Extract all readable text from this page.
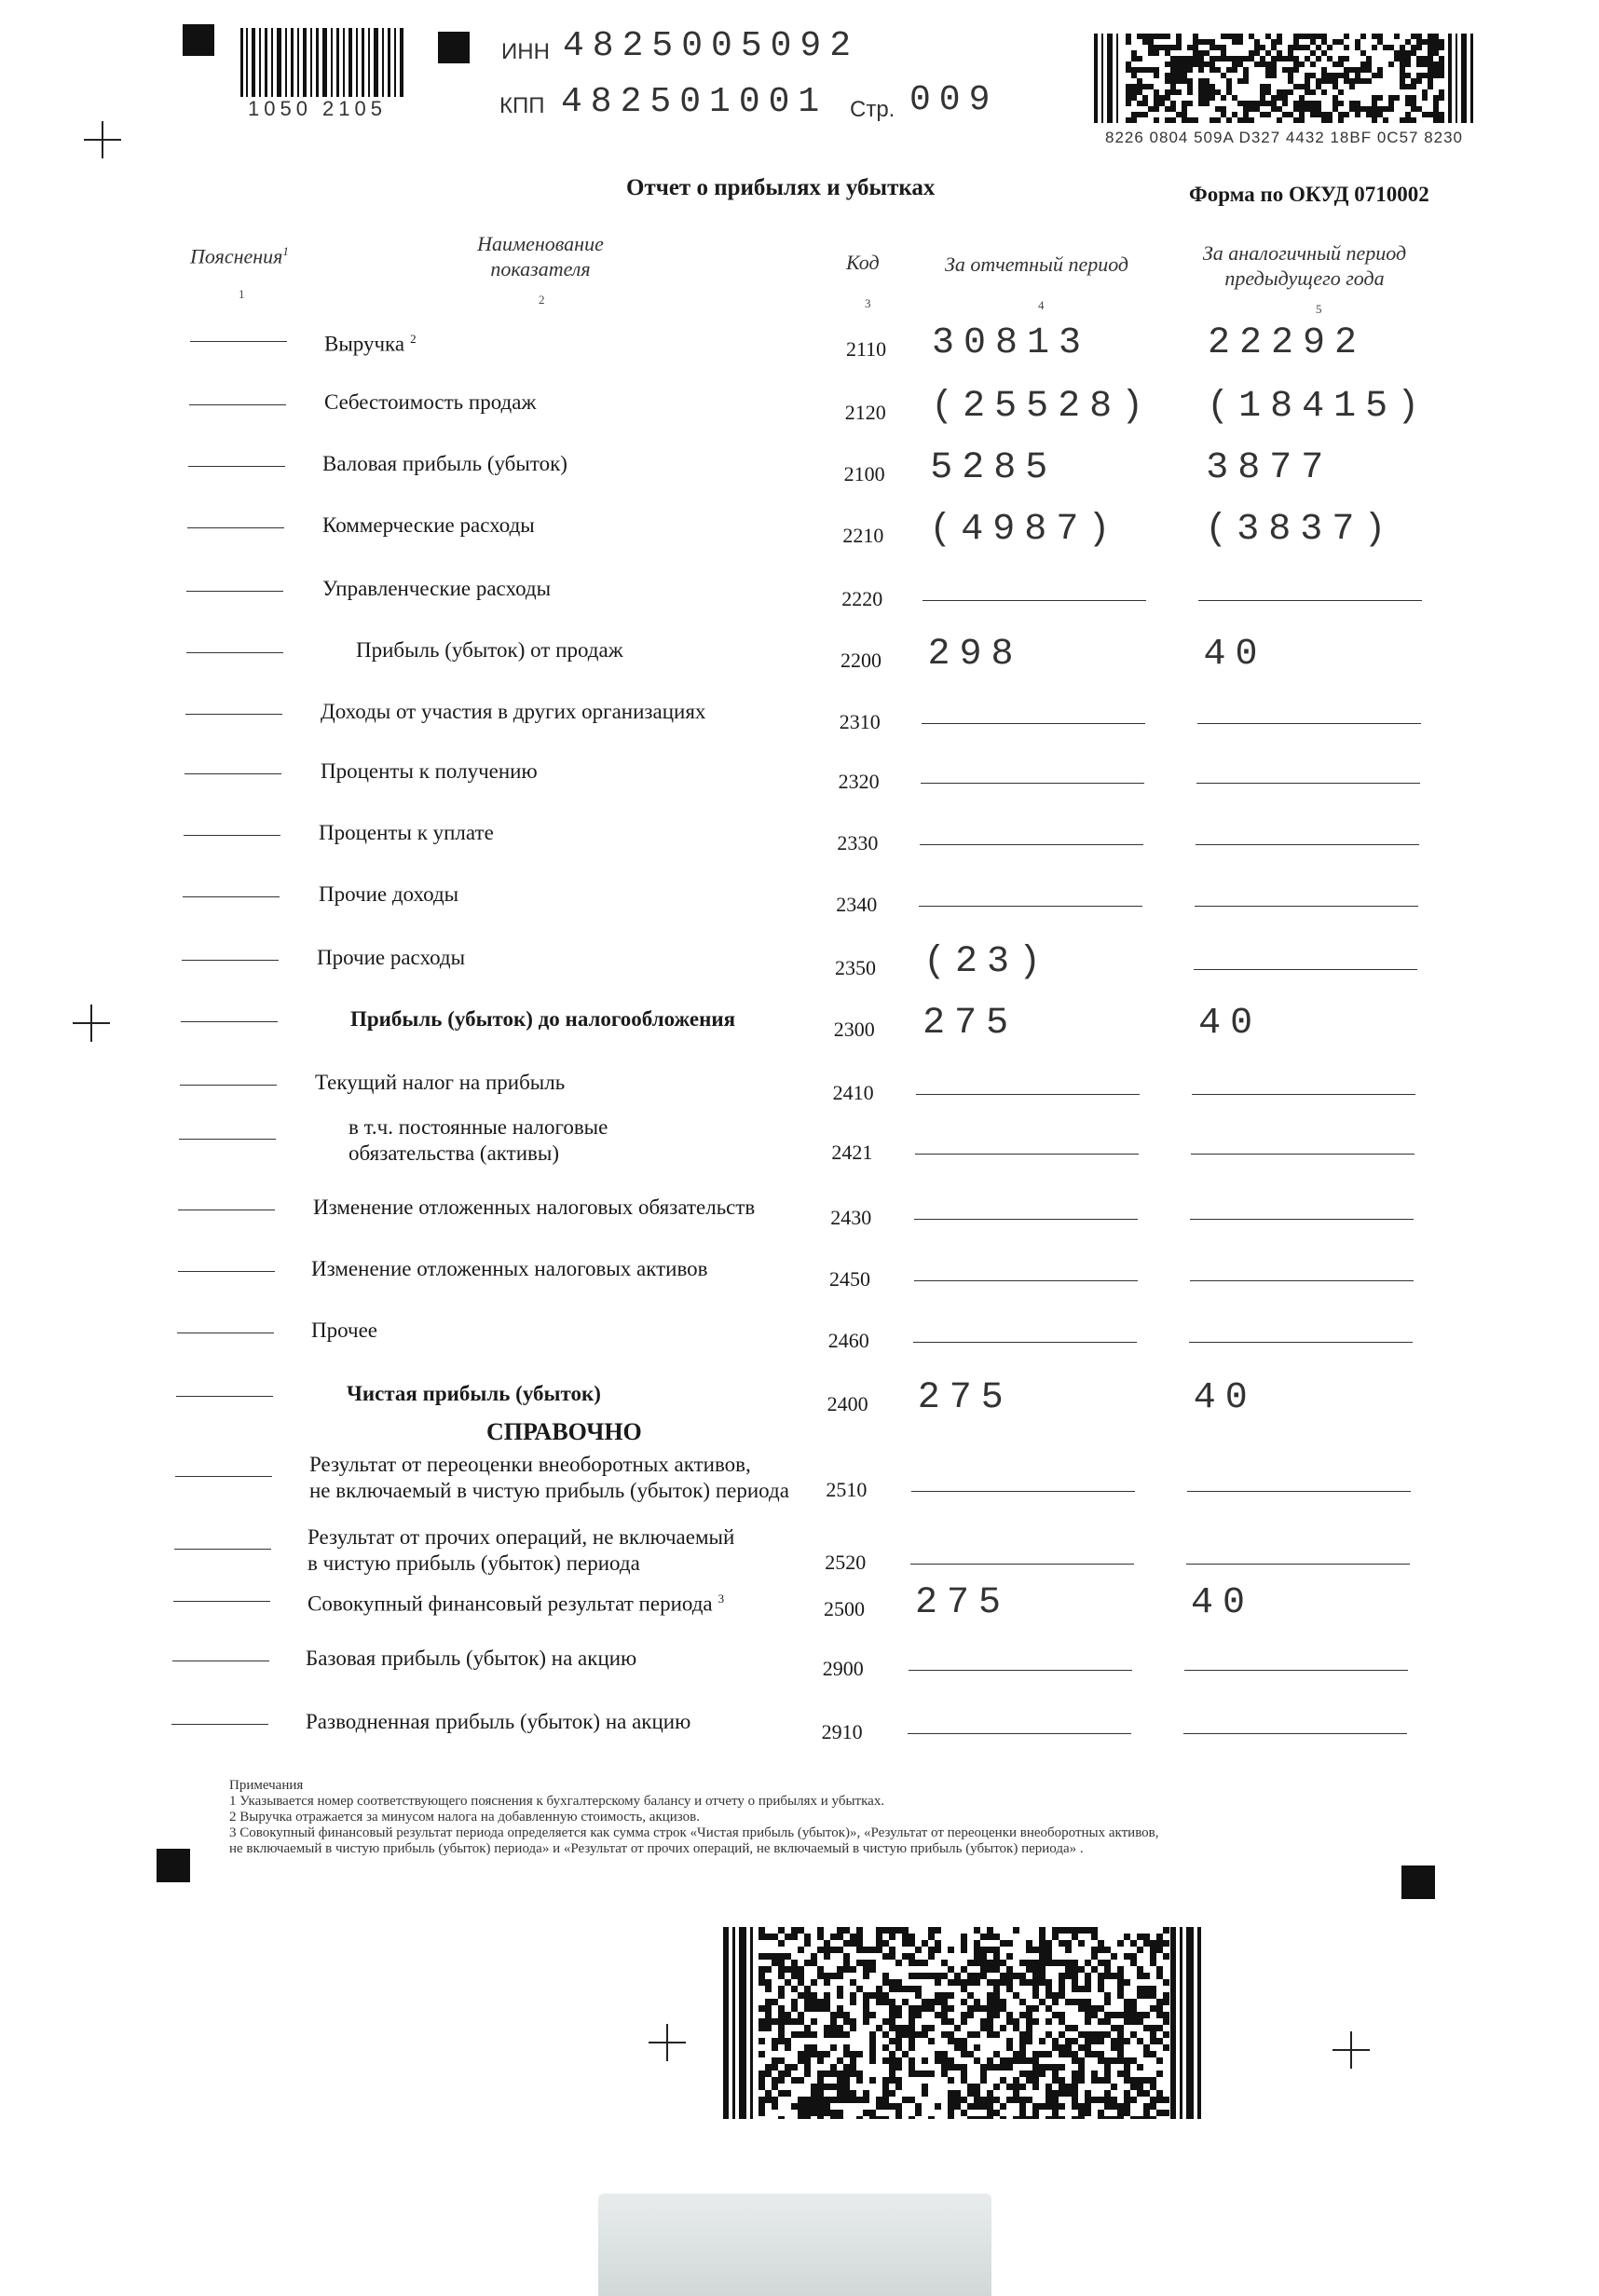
1050 2105
ИНН 4825005092
КПП 482501001 Стр. 009
8226 0804 509A D327 4432 18BF 0C57 8230
Отчет о прибылях и убытках	Форма по ОКУД 0710002
Пояснения$^1$	Наименование
показателя	Код	За отчетный период	За аналогичный период
предыдущего года
1	2	3	4	5
Выручка $^2$	2110 30813	22292
Себестоимость продаж	2120 (25528) (18415)
Валовая прибыль (убыток)	2100 5285	3877
Коммерческие расходы	2210 (4987) (3837)
Управленческие расходы	2220
Прибыль (убыток) от продаж	2200 298	40
Доходы от участия в других организациях	2310
Проценты к получению	2320
Проценты к уплате	2330
Прочие доходы	2340
Прочие расходы	2350 (23)
Прибыль (убыток) до налогообложения	2300 275	40
Текущий налог на прибыль	2410
в т.ч. постоянные налоговые
обязательства (активы)	2421
Изменение отложенных налоговых обязательств	2430
Изменение отложенных налоговых активов	2450
Прочее	2460
Чистая прибыль (убыток)	2400 275	40
Результат от переоценки внеоборотных активов,
не включаемый в чистую прибыль (убыток) периода 2510
Результат от прочих операций, не включаемый
в чистую прибыль (убыток) периода	2520
Совокупный финансовый результат периода $^3$	2500 275	40
Базовая прибыль (убыток) на акцию	2900
Разводненная прибыль (убыток) на акцию	2910
СПРАВОЧНО
Примечания
1 Указывается номер соответствующего пояснения к бухгалтерскому балансу и отчету о прибылях и убытках.
2 Выручка отражается за минусом налога на добавленную стоимость, акцизов.
3 Совокупный финансовый результат периода определяется как сумма строк «Чистая прибыль (убыток)», «Результат от переоценки внеоборотных активов,
не включаемый в чистую прибыль (убыток) периода» и «Результат от прочих операций, не включаемый в чистую прибыль (убыток) периода» .
